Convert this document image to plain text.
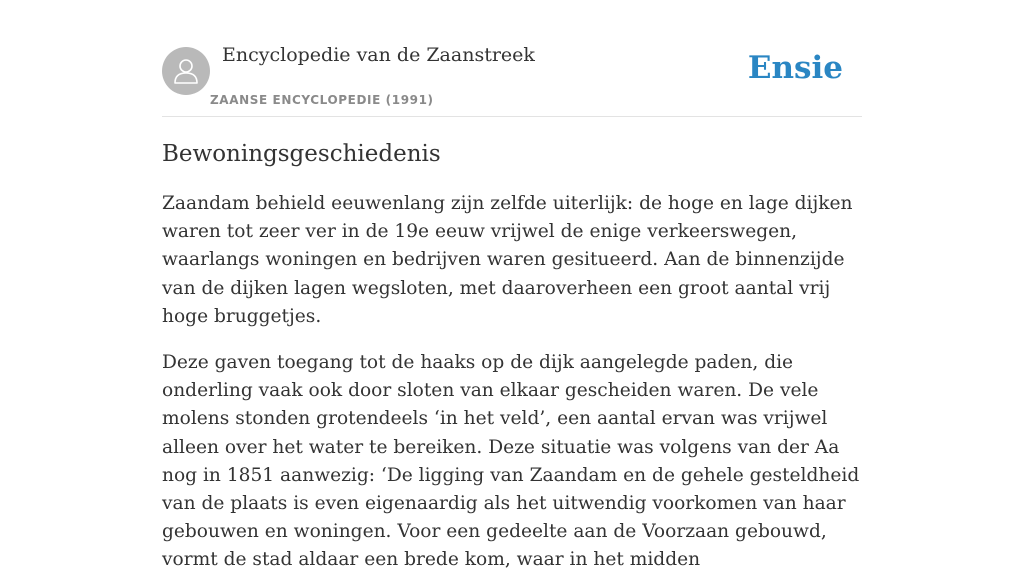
Encyclopedie van de Zaanstreek
ZAANSE ENCYCLOPEDIE (1991)
Ensie
Bewoningsgeschiedenis

Zaandam behield eeuwenlang zijn zelfde uiterlijk: de hoge en lage dijken waren tot zeer ver in de 19e eeuw vrijwel de enige verkeerswegen, waarlangs woningen en bedrijven waren gesitueerd. Aan de binnenzijde van de dijken lagen wegsloten, met daaroverheen een groot aantal vrij hoge bruggetjes.

Deze gaven toegang tot de haaks op de dijk aangelegde paden, die onderling vaak ook door sloten van elkaar gescheiden waren. De vele molens stonden grotendeels ‘in het veld’, een aantal ervan was vrijwel alleen over het water te bereiken. Deze situatie was volgens van der Aa nog in 1851 aanwezig: ‘De ligging van Zaandam en de gehele gesteldheid van de plaats is even eigenaardig als het uitwendig voorkomen van haar gebouwen en woningen. Voor een gedeelte aan de Voorzaan gebouwd, vormt de stad aldaar een brede kom, waar in het midden
